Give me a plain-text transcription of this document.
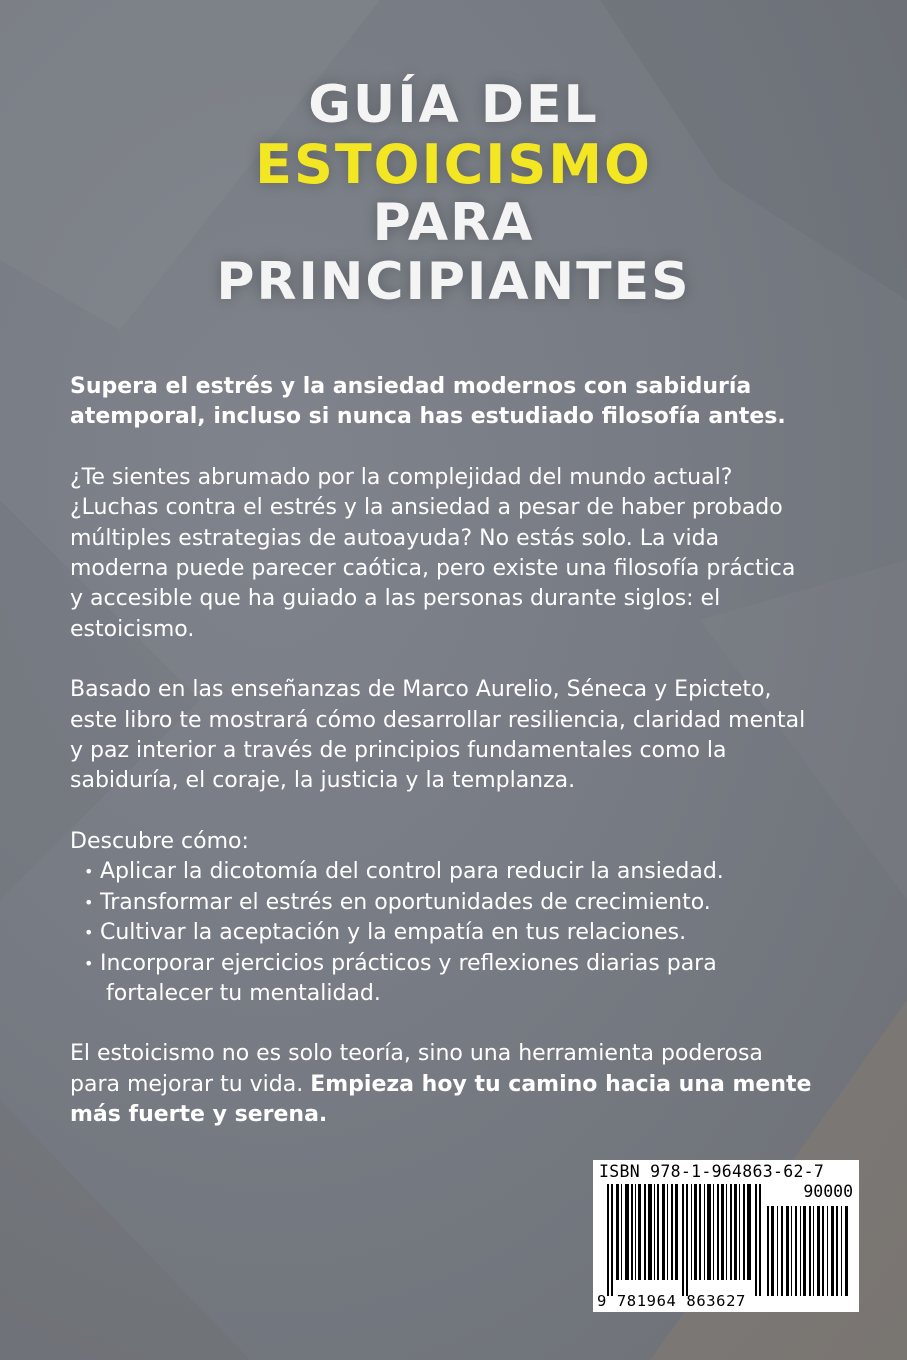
GUÍA DEL
ESTOICISMO
PARA
PRINCIPIANTES

Supera el estrés y la ansiedad modernos con sabiduría
atemporal, incluso si nunca has estudiado filosofía antes.

¿Te sientes abrumado por la complejidad del mundo actual?
¿Luchas contra el estrés y la ansiedad a pesar de haber probado
múltiples estrategias de autoayuda? No estás solo. La vida
moderna puede parecer caótica, pero existe una filosofía práctica
y accesible que ha guiado a las personas durante siglos: el
estoicismo.

Basado en las enseñanzas de Marco Aurelio, Séneca y Epicteto,
este libro te mostrará cómo desarrollar resiliencia, claridad mental
y paz interior a través de principios fundamentales como la
sabiduría, el coraje, la justicia y la templanza.

Descubre cómo:

• Aplicar la dicotomía del control para reducir la ansiedad.
• Transformar el estrés en oportunidades de crecimiento.
• Cultivar la aceptación y la empatía en tus relaciones.
• Incorporar ejercicios prácticos y reflexiones diarias para
fortalecer tu mentalidad.

El estoicismo no es solo teoría, sino una herramienta poderosa
para mejorar tu vida. Empieza hoy tu camino hacia una mente
más fuerte y serena.

ISBN 978-1-964863-62-7
90000
9 781964 863627
